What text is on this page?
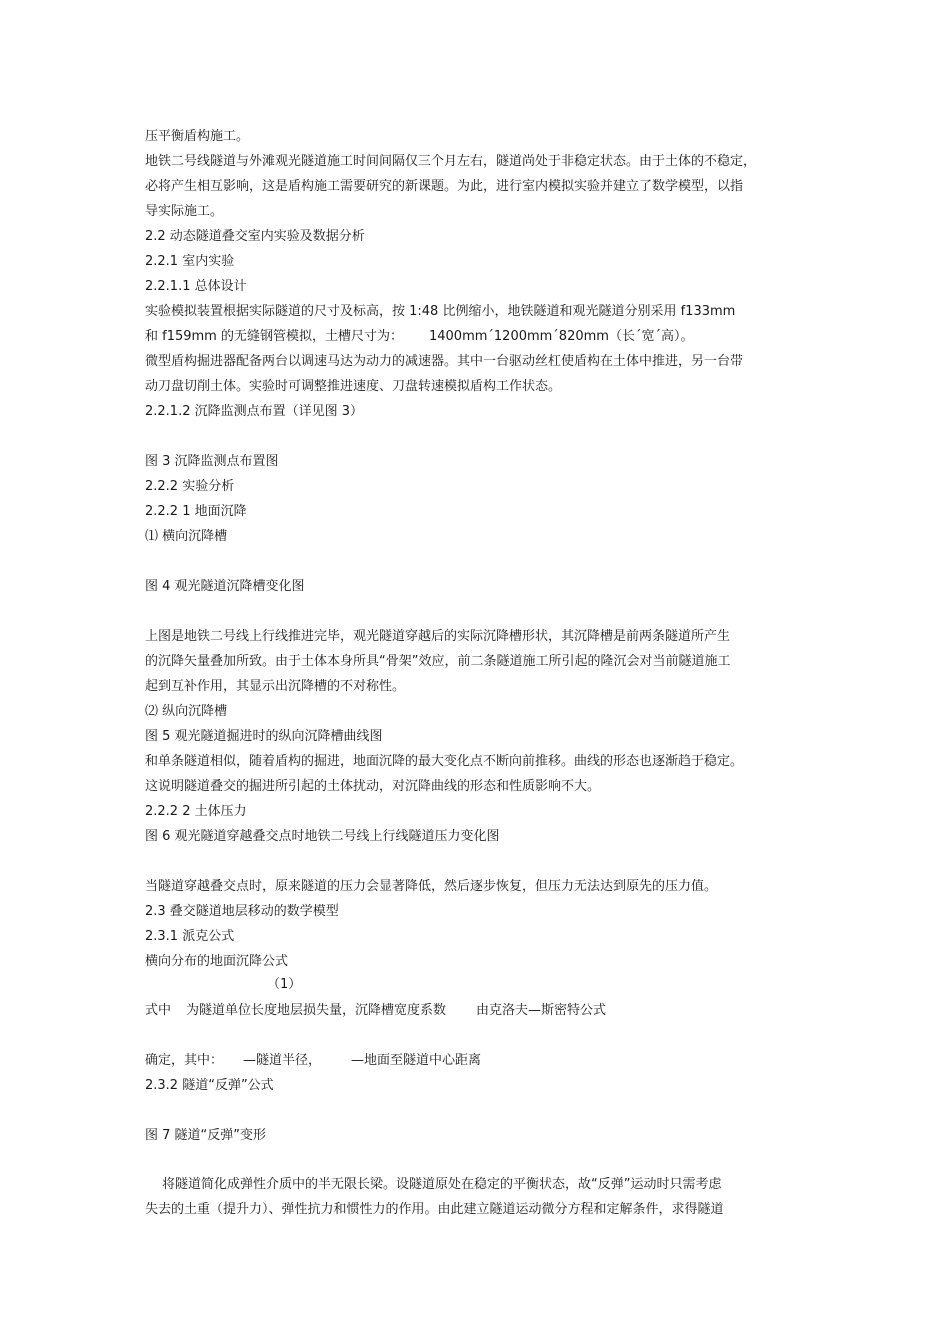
压平衡盾构施工。
地铁二号线隧道与外滩观光隧道施工时间间隔仅三个月左右，隧道尚处于非稳定状态。由于土体的不稳定，
必将产生相互影响，这是盾构施工需要研究的新课题。为此，进行室内模拟实验并建立了数学模型，以指
导实际施工。
2.2 动态隧道叠交室内实验及数据分析
2.2.1 室内实验
2.2.1.1 总体设计
实验模拟装置根据实际隧道的尺寸及标高，按 1:48 比例缩小，地铁隧道和观光隧道分别采用 f133mm
和 f159mm 的无缝钢管模拟，土槽尺寸为： 1400mm´1200mm´820mm（长´宽´高）。
微型盾构掘进器配备两台以调速马达为动力的减速器。其中一台驱动丝杠使盾构在土体中推进，另一台带
动刀盘切削土体。实验时可调整推进速度、刀盘转速模拟盾构工作状态。
2.2.1.2 沉降监测点布置（详见图 3）
图 3 沉降监测点布置图
2.2.2 实验分析
2.2.2 1 地面沉降
⑴ 横向沉降槽
图 4 观光隧道沉降槽变化图
上图是地铁二号线上行线推进完毕，观光隧道穿越后的实际沉降槽形状，其沉降槽是前两条隧道所产生
的沉降矢量叠加所致。由于土体本身所具“骨架”效应，前二条隧道施工所引起的隆沉会对当前隧道施工
起到互补作用，其显示出沉降槽的不对称性。
⑵ 纵向沉降槽
图 5 观光隧道掘进时的纵向沉降槽曲线图
和单条隧道相似，随着盾构的掘进，地面沉降的最大变化点不断向前推移。曲线的形态也逐渐趋于稳定。
这说明隧道叠交的掘进所引起的土体扰动，对沉降曲线的形态和性质影响不大。
2.2.2 2 土体压力
图 6 观光隧道穿越叠交点时地铁二号线上行线隧道压力变化图
当隧道穿越叠交点时，原来隧道的压力会显著降低，然后逐步恢复，但压力无法达到原先的压力值。
2.3 叠交隧道地层移动的数学模型
2.3.1 派克公式
横向分布的地面沉降公式
（1）
式中 为隧道单位长度地层损失量，沉降槽宽度系数 由克洛夫—斯密特公式
确定，其中： —隧道半径， —地面至隧道中心距离
2.3.2 隧道“反弹”公式
图 7 隧道“反弹”变形
将隧道简化成弹性介质中的半无限长梁。设隧道原处在稳定的平衡状态，故“反弹”运动时只需考虑
失去的土重（提升力）、弹性抗力和惯性力的作用。由此建立隧道运动微分方程和定解条件，求得隧道
